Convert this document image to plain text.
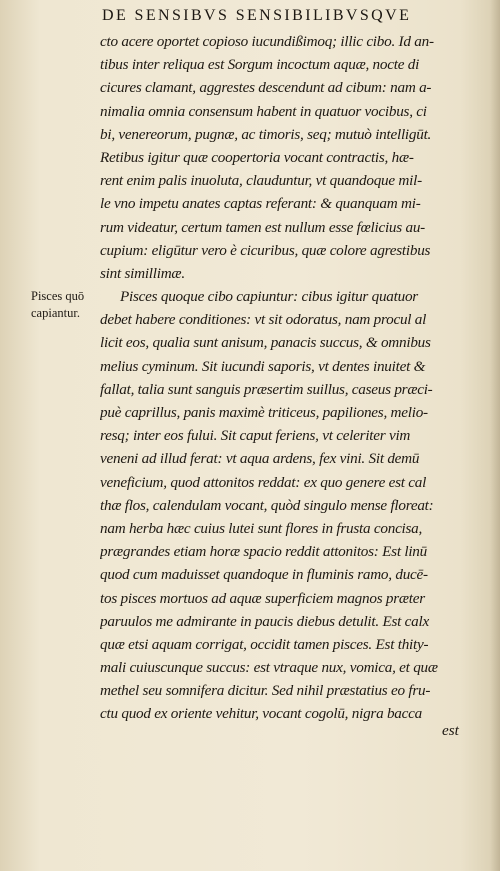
DE SENSIBVS SENSIBILIBVSQVE
Pisces quō
capiantur.
cto acere oportet copioso iucundißimoq; illic cibo. Id an-
tibus inter reliqua est Sorgum incoctum aquæ, nocte di
cicures clamant, aggrestes descendunt ad cibum: nam a-
nimalia omnia consensum habent in quatuor vocibus, ci
bi, venereorum, pugnæ, ac timoris, seq; mutuò intelligūt.
Retibus igitur quæ coopertoria vocant contractis, hæ-
rent enim palis inuoluta, clauduntur, vt quandoque mil-
le vno impetu anates captas referant: & quanquam mi-
rum videatur, certum tamen est nullum esse fœlicius au-
cupium: eligūtur vero è cicuribus, quæ colore agrestibus
sint simillimæ.
Pisces quoque cibo capiuntur: cibus igitur quatuor
debet habere conditiones: vt sit odoratus, nam procul al
licit eos, qualia sunt anisum, panacis succus, & omnibus
melius cyminum. Sit iucundi saporis, vt dentes inuitet &
fallat, talia sunt sanguis præsertim suillus, caseus præci-
puè caprillus, panis maximè triticeus, papiliones, melio-
resq; inter eos fului. Sit caput feriens, vt celeriter vim
veneni ad illud ferat: vt aqua ardens, fex vini. Sit demū
veneficium, quod attonitos reddat: ex quo genere est cal
thæ flos, calendulam vocant, quòd singulo mense floreat:
nam herba hæc cuius lutei sunt flores in frusta concisa,
prægrandes etiam horæ spacio reddit attonitos: Est linū
quod cum maduisset quandoque in fluminis ramo, ducē-
tos pisces mortuos ad aquæ superficiem magnos præter
paruulos me admirante in paucis diebus detulit. Est calx
quæ etsi aquam corrigat, occidit tamen pisces. Est thity-
mali cuiuscunque succus: est vtraque nux, vomica, et quæ
methel seu somnifera dicitur. Sed nihil præstatius eo fru-
ctu quod ex oriente vehitur, vocant cogolū, nigra bacca
est
